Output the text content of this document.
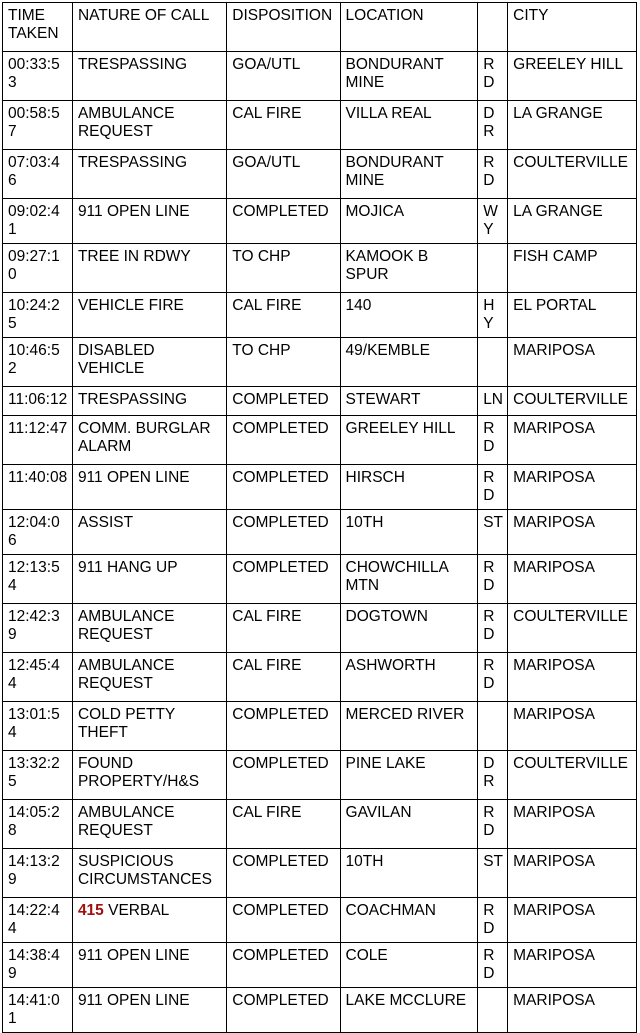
TIME TAKEN	NATURE OF CALL	DISPOSITION	LOCATION		CITY
00:33:53	TRESPASSING	GOA/UTL	BONDURANT MINE	RD	GREELEY HILL
00:58:57	AMBULANCE REQUEST	CAL FIRE	VILLA REAL	DR	LA GRANGE
07:03:46	TRESPASSING	GOA/UTL	BONDURANT MINE	RD	COULTERVILLE
09:02:41	911 OPEN LINE	COMPLETED	MOJICA	WY	LA GRANGE
09:27:10	TREE IN RDWY	TO CHP	KAMOOK B SPUR		FISH CAMP
10:24:25	VEHICLE FIRE	CAL FIRE	140	HY	EL PORTAL
10:46:52	DISABLED VEHICLE	TO CHP	49/KEMBLE		MARIPOSA
11:06:12	TRESPASSING	COMPLETED	STEWART	LN	COULTERVILLE
11:12:47	COMM. BURGLAR ALARM	COMPLETED	GREELEY HILL	RD	MARIPOSA
11:40:08	911 OPEN LINE	COMPLETED	HIRSCH	RD	MARIPOSA
12:04:06	ASSIST	COMPLETED	10TH	ST	MARIPOSA
12:13:54	911 HANG UP	COMPLETED	CHOWCHILLA MTN	RD	MARIPOSA
12:42:39	AMBULANCE REQUEST	CAL FIRE	DOGTOWN	RD	COULTERVILLE
12:45:44	AMBULANCE REQUEST	CAL FIRE	ASHWORTH	RD	MARIPOSA
13:01:54	COLD PETTY THEFT	COMPLETED	MERCED RIVER		MARIPOSA
13:32:25	FOUND PROPERTY/H&S	COMPLETED	PINE LAKE	DR	COULTERVILLE
14:05:28	AMBULANCE REQUEST	CAL FIRE	GAVILAN	RD	MARIPOSA
14:13:29	SUSPICIOUS CIRCUMSTANCES	COMPLETED	10TH	ST	MARIPOSA
14:22:44	415 VERBAL	COMPLETED	COACHMAN	RD	MARIPOSA
14:38:49	911 OPEN LINE	COMPLETED	COLE	RD	MARIPOSA
14:41:01	911 OPEN LINE	COMPLETED	LAKE MCCLURE		MARIPOSA
